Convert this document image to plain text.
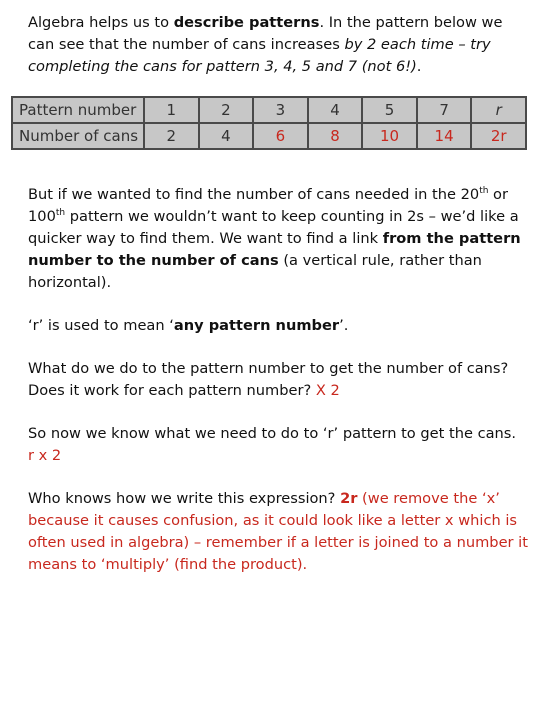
Algebra helps us to describe patterns. In the pattern below we can see that the number of cans increases by 2 each time – try completing the cans for pattern 3, 4, 5 and 7 (not 6!).

Pattern number	1	2	3	4	5	7	r
Number of cans	2	4	6	8	10	14	2r

But if we wanted to find the number of cans needed in the 20th or 100th pattern we wouldn’t want to keep counting in 2s – we’d like a quicker way to find them. We want to find a link from the pattern number to the number of cans (a vertical rule, rather than horizontal).

‘r’ is used to mean ‘any pattern number’.

What do we do to the pattern number to get the number of cans? Does it work for each pattern number? X 2

So now we know what we need to do to ‘r’ pattern to get the cans.
r x 2

Who knows how we write this expression? 2r (we remove the ‘x’ because it causes confusion, as it could look like a letter x which is often used in algebra) – remember if a letter is joined to a number it means to ‘multiply’ (find the product).
